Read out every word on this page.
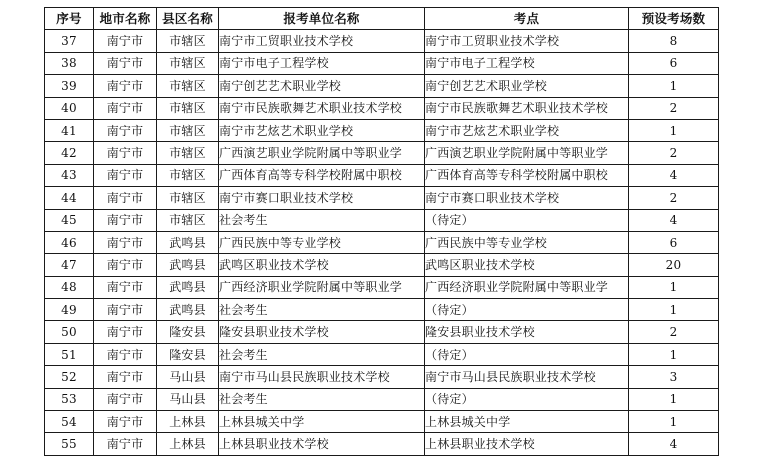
序号	地市名称	县区名称	报考单位名称	考点	预设考场数
37	南宁市	市辖区	南宁市工贸职业技术学校	南宁市工贸职业技术学校	8
38	南宁市	市辖区	南宁市电子工程学校	南宁市电子工程学校	6
39	南宁市	市辖区	南宁创艺艺术职业学校	南宁创艺艺术职业学校	1
40	南宁市	市辖区	南宁市民族歌舞艺术职业技术学校	南宁市民族歌舞艺术职业技术学校	2
41	南宁市	市辖区	南宁市艺炫艺术职业学校	南宁市艺炫艺术职业学校	1
42	南宁市	市辖区	广西演艺职业学院附属中等职业学	广西演艺职业学院附属中等职业学	2
43	南宁市	市辖区	广西体育高等专科学校附属中职校	广西体育高等专科学校附属中职校	4
44	南宁市	市辖区	南宁市赛口职业技术学校	南宁市赛口职业技术学校	2
45	南宁市	市辖区	社会考生	（待定）	4
46	南宁市	武鸣县	广西民族中等专业学校	广西民族中等专业学校	6
47	南宁市	武鸣县	武鸣区职业技术学校	武鸣区职业技术学校	20
48	南宁市	武鸣县	广西经济职业学院附属中等职业学	广西经济职业学院附属中等职业学	1
49	南宁市	武鸣县	社会考生	（待定）	1
50	南宁市	隆安县	隆安县职业技术学校	隆安县职业技术学校	2
51	南宁市	隆安县	社会考生	（待定）	1
52	南宁市	马山县	南宁市马山县民族职业技术学校	南宁市马山县民族职业技术学校	3
53	南宁市	马山县	社会考生	（待定）	1
54	南宁市	上林县	上林县城关中学	上林县城关中学	1
55	南宁市	上林县	上林县职业技术学校	上林县职业技术学校	4
